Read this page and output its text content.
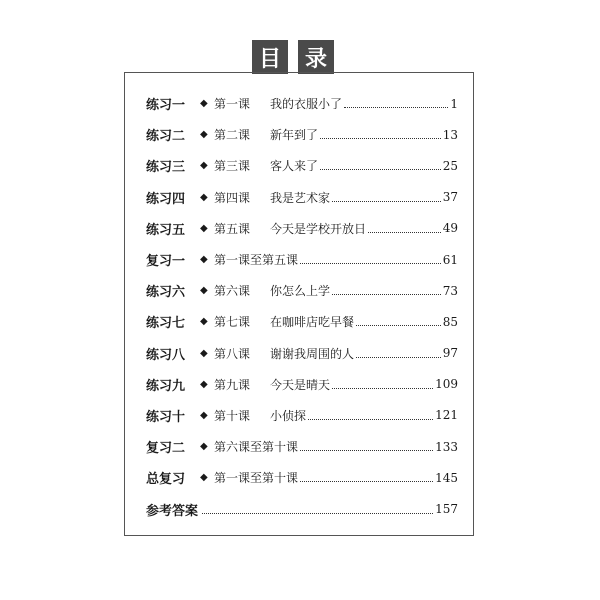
目	录
练习一	◆ 第一课	我的衣服小了	1
练习二	◆ 第二课	新年到了	13
练习三	◆ 第三课	客人来了	25
练习四	◆ 第四课	我是艺术家	37
练习五	◆ 第五课	今天是学校开放日	49
复习一	◆ 第一课至第五课	61
练习六	◆ 第六课	你怎么上学	73
练习七	◆ 第七课	在咖啡店吃早餐	85
练习八	◆ 第八课	谢谢我周围的人	97
练习九	◆ 第九课	今天是晴天	109
练习十	◆ 第十课	小侦探	121
复习二	◆ 第六课至第十课	133
总复习	◆ 第一课至第十课	145
参考答案	157
